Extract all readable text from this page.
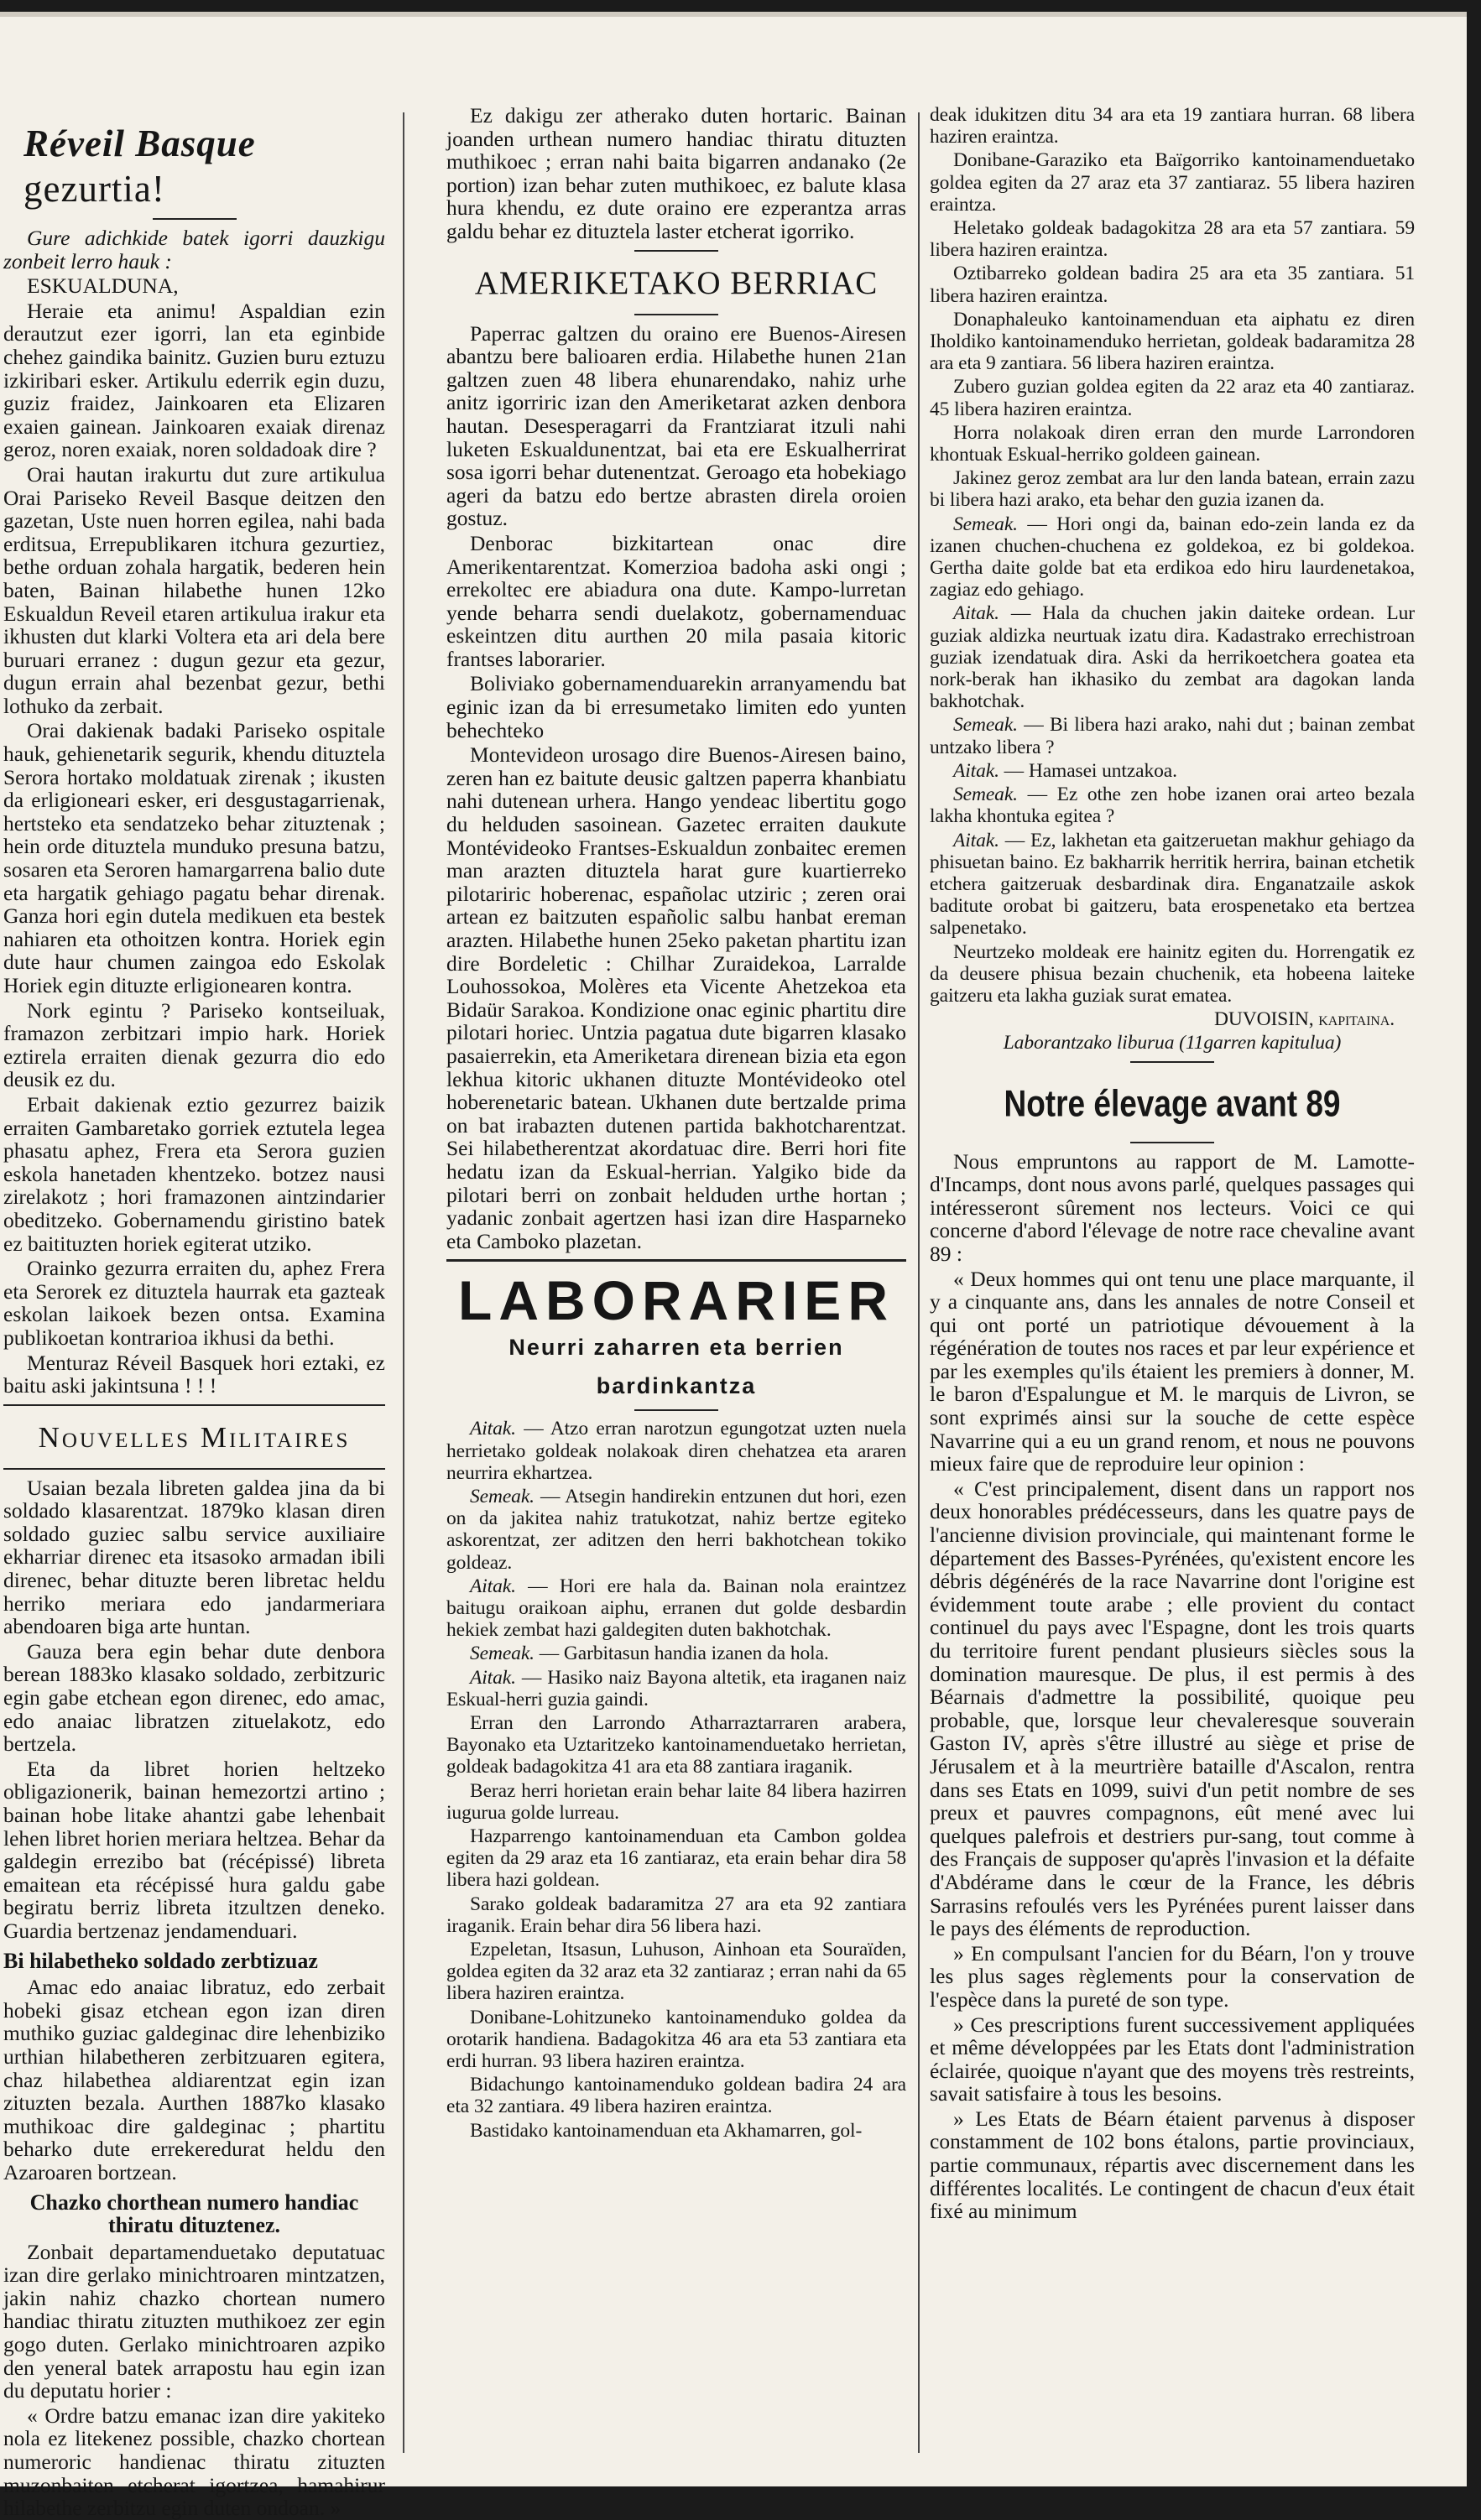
Réveil Basque gezurtia!

Gure adichkide batek igorri dauzkigu zonbeit lerro hauk :

ESKUALDUNA,

Heraie eta animu! Aspaldian ezin derautzut ezer igorri, lan eta eginbide chehez gaindika bainitz. Guzien buru eztuzu izkiribari esker. Artikulu ederrik egin duzu, guziz fraidez, Jainkoaren eta Elizaren exaien gainean. Jainkoaren exaiak direnaz geroz, noren exaiak, noren soldadoak dire ?

Orai hautan irakurtu dut zure artikulua Orai Pariseko Reveil Basque deitzen den gazetan, Uste nuen horren egilea, nahi bada erditsua, Errepublikaren itchura gezurtiez, bethe orduan zohala hargatik, bederen hein baten, Bainan hilabethe hunen 12ko Eskualdun Reveil etaren artikulua irakur eta ikhusten dut klarki Voltera eta ari dela bere buruari erranez : dugun gezur eta gezur, dugun errain ahal bezenbat gezur, bethi lothuko da zerbait.

Orai dakienak badaki Pariseko ospitale hauk, gehienetarik segurik, khendu dituztela Serora hortako moldatuak zirenak ; ikusten da erligioneari esker, eri desgustagarrienak, hertsteko eta sendatzeko behar zituztenak ; hein orde dituztela munduko presuna batzu, sosaren eta Seroren hamargarrena balio dute eta hargatik gehiago pagatu behar direnak. Ganza hori egin dutela medikuen eta bestek nahiaren eta othoitzen kontra. Horiek egin dute haur chumen zaingoa edo Eskolak Horiek egin dituzte erligionearen kontra.

Nork egintu ? Pariseko kontseiluak, framazon zerbitzari impio hark. Horiek eztirela erraiten dienak gezurra dio edo deusik ez du.

Erbait dakienak eztio gezurrez baizik erraiten Gambaretako gorriek eztutela legea phasatu aphez, Frera eta Serora guzien eskola hanetaden khentzeko. botzez nausi zirelakotz ; hori framazonen aintzindarier obeditzeko. Gobernamendu giristino batek ez baitituzten horiek egiterat utziko.

Orainko gezurra erraiten du, aphez Frera eta Serorek ez dituztela haurrak eta gazteak eskolan laikoek bezen ontsa. Examina publikoetan kontrarioa ikhusi da bethi.

Menturaz Réveil Basquek hori eztaki, ez baitu aski jakintsuna ! ! !

Nouvelles Militaires

Usaian bezala libreten galdea jina da bi soldado klasarentzat. 1879ko klasan diren soldado guziec salbu service auxiliaire ekharriar direnec eta itsasoko armadan ibili direnec, behar dituzte beren libretac heldu herriko meriara edo jandarmeriara abendoaren biga arte huntan.

Gauza bera egin behar dute denbora berean 1883ko klasako soldado, zerbitzuric egin gabe etchean egon direnec, edo amac, edo anaiac libratzen zituelakotz, edo bertzela.

Eta da libret horien heltzeko obligazionerik, bainan hemezortzi artino ; bainan hobe litake ahantzi gabe lehenbait lehen libret horien meriara heltzea. Behar da galdegin errezibo bat (récépissé) libreta emaitean eta récépissé hura galdu gabe begiratu berriz libreta itzultzen deneko. Guardia bertzenaz jendamenduari.

Bi hilabetheko soldado zerbtizuaz

Amac edo anaiac libratuz, edo zerbait hobeki gisaz etchean egon izan diren muthiko guziac galdeginac dire lehenbiziko urthian hilabetheren zerbitzuaren egitera, chaz hilabethea aldiarentzat egin izan zituzten bezala. Aurthen 1887ko klasako muthikoac dire galdeginac ; phartitu beharko dute errekeredurat heldu den Azaroaren bortzean.

Chazko chorthean numero handiac thiratu dituztenez.

Zonbait departamenduetako deputatuac izan dire gerlako minichtroaren mintzatzen, jakin nahiz chazko chortean numero handiac thiratu zituzten muthikoez zer egin gogo duten. Gerlako minichtroaren azpiko den yeneral batek arrapostu hau egin izan du deputatu horier :

« Ordre batzu emanac izan dire yakiteko nola ez litekenez possible, chazko chortean numeroric handienac thiratu zituzten muzonbaiten etcherat igortzea, hamahirur hilabethe zerbitzu egin duten ondoan. »

Ez dakigu zer atherako duten hortaric. Bainan joanden urthean numero handiac thiratu dituzten muthikoec ; erran nahi baita bigarren andanako (2e portion) izan behar zuten muthikoec, ez balute klasa hura khendu, ez dute oraino ere ezperantza arras galdu behar ez dituztela laster etcherat igorriko.

AMERIKETAKO BERRIAC

Paperrac galtzen du oraino ere Buenos-Airesen abantzu bere balioaren erdia. Hilabethe hunen 21an galtzen zuen 48 libera ehunarendako, nahiz urhe anitz igorriric izan den Ameriketarat azken denbora hautan. Desesperagarri da Frantziarat itzuli nahi luketen Eskualdunentzat, bai eta ere Eskualherrirat sosa igorri behar dutenentzat. Geroago eta hobekiago ageri da batzu edo bertze abrasten direla oroien gostuz.

Denborac bizkitartean onac dire Amerikentarentzat. Komerzioa badoha aski ongi ; errekoltec ere abiadura ona dute. Kampo-lurretan yende beharra sendi duelakotz, gobernamenduac eskeintzen ditu aurthen 20 mila pasaia kitoric frantses laborarier.

Boliviako gobernamenduarekin arranyamendu bat eginic izan da bi erresumetako limiten edo yunten behechteko

Montevideon urosago dire Buenos-Airesen baino, zeren han ez baitute deusic galtzen paperra khanbiatu nahi dutenean urhera. Hango yendeac libertitu gogo du helduden sasoinean. Gazetec erraiten daukute Montévideoko Frantses-Eskualdun zonbaitec eremen man arazten dituztela harat gure kuartierreko pilotariric hoberenac, españolac utziric ; zeren orai artean ez baitzuten españolic salbu hanbat ereman arazten. Hilabethe hunen 25eko paketan phartitu izan dire Bordeletic : Chilhar Zuraidekoa, Larralde Louhossokoa, Molères eta Vicente Ahetzekoa eta Bidaür Sarakoa. Kondizione onac eginic phartitu dire pilotari horiec. Untzia pagatua dute bigarren klasako pasaierrekin, eta Ameriketara direnean bizia eta egon lekhua kitoric ukhanen dituzte Montévideoko otel hoberenetaric batean. Ukhanen dute bertzalde prima on bat irabazten dutenen partida bakhotcharentzat. Sei hilabetherentzat akordatuac dire. Berri hori fite hedatu izan da Eskual-herrian. Yalgiko bide da pilotari berri on zonbait helduden urthe hortan ; yadanic zonbait agertzen hasi izan dire Hasparneko eta Camboko plazetan.

LABORARIER
Neurri zaharren eta berrien
bardinkantza

Aitak. — Atzo erran narotzun egungotzat uzten nuela herrietako goldeak nolakoak diren chehatzea eta araren neurrira ekhartzea.

Semeak. — Atsegin handirekin entzunen dut hori, ezen on da jakitea nahiz tratukotzat, nahiz bertze egiteko askorentzat, zer aditzen den herri bakhotchean tokiko goldeaz.

Aitak. — Hori ere hala da. Bainan nola eraintzez baitugu oraikoan aiphu, erranen dut golde desbardin hekiek zembat hazi galdegiten duten bakhotchak.

Semeak. — Garbitasun handia izanen da hola.

Aitak. — Hasiko naiz Bayona altetik, eta iraganen naiz Eskual-herri guzia gaindi.

Erran den Larrondo Atharraztarraren arabera, Bayonako eta Uztaritzeko kantoinamenduetako herrietan, goldeak badagokitza 41 ara eta 88 zantiara iraganik.

Beraz herri horietan erain behar laite 84 libera hazirren iugurua golde lurreau.

Hazparrengo kantoinamenduan eta Cambon goldea egiten da 29 araz eta 16 zantiaraz, eta erain behar dira 58 libera hazi goldean.

Sarako goldeak badaramitza 27 ara eta 92 zantiara iraganik. Erain behar dira 56 libera hazi.

Ezpeletan, Itsasun, Luhuson, Ainhoan eta Souraïden, goldea egiten da 32 araz eta 32 zantiaraz ; erran nahi da 65 libera haziren eraintza.

Donibane-Lohitzuneko kantoinamenduko goldea da orotarik handiena. Badagokitza 46 ara eta 53 zantiara eta erdi hurran. 93 libera haziren eraintza.

Bidachungo kantoinamenduko goldean badira 24 ara eta 32 zantiara. 49 libera haziren eraintza.

Bastidako kantoinamenduan eta Akhamarren, gol-

deak idukitzen ditu 34 ara eta 19 zantiara hurran. 68 libera haziren eraintza.

Donibane-Garaziko eta Baïgorriko kantoinamenduetako goldea egiten da 27 araz eta 37 zantiaraz. 55 libera haziren eraintza.

Heletako goldeak badagokitza 28 ara eta 57 zantiara. 59 libera haziren eraintza.

Oztibarreko goldean badira 25 ara eta 35 zantiara. 51 libera haziren eraintza.

Donaphaleuko kantoinamenduan eta aiphatu ez diren Iholdiko kantoinamenduko herrietan, goldeak badaramitza 28 ara eta 9 zantiara. 56 libera haziren eraintza.

Zubero guzian goldea egiten da 22 araz eta 40 zantiaraz. 45 libera haziren eraintza.

Horra nolakoak diren erran den murde Larrondoren khontuak Eskual-herriko goldeen gainean.

Jakinez geroz zembat ara lur den landa batean, errain zazu bi libera hazi arako, eta behar den guzia izanen da.

Semeak. — Hori ongi da, bainan edo-zein landa ez da izanen chuchen-chuchena ez goldekoa, ez bi goldekoa. Gertha daite golde bat eta erdikoa edo hiru laurdenetakoa, zagiaz edo gehiago.

Aitak. — Hala da chuchen jakin daiteke ordean. Lur guziak aldizka neurtuak izatu dira. Kadastrako errechistroan guziak izendatuak dira. Aski da herrikoetchera goatea eta nork-berak han ikhasiko du zembat ara dagokan landa bakhotchak.

Semeak. — Bi libera hazi arako, nahi dut ; bainan zembat untzako libera ?

Aitak. — Hamasei untzakoa.

Semeak. — Ez othe zen hobe izanen orai arteo bezala lakha khontuka egitea ?

Aitak. — Ez, lakhetan eta gaitzeruetan makhur gehiago da phisuetan baino. Ez bakharrik herritik herrira, bainan etchetik etchera gaitzeruak desbardinak dira. Enganatzaile askok baditute orobat bi gaitzeru, bata erospenetako eta bertzea salpenetako.

Neurtzeko moldeak ere hainitz egiten du. Horrengatik ez da deusere phisua bezain chuchenik, eta hobeena laiteke gaitzeru eta lakha guziak surat ematea.

DUVOISIN, kapitaina.

Laborantzako liburua (11garren kapitulua)

Notre élevage avant 89

Nous empruntons au rapport de M. Lamotte-d'Incamps, dont nous avons parlé, quelques passages qui intéresseront sûrement nos lecteurs. Voici ce qui concerne d'abord l'élevage de notre race chevaline avant 89 :

« Deux hommes qui ont tenu une place marquante, il y a cinquante ans, dans les annales de notre Conseil et qui ont porté un patriotique dévouement à la régénération de toutes nos races et par leur expérience et par les exemples qu'ils étaient les premiers à donner, M. le baron d'Espalungue et M. le marquis de Livron, se sont exprimés ainsi sur la souche de cette espèce Navarrine qui a eu un grand renom, et nous ne pouvons mieux faire que de reproduire leur opinion :

« C'est principalement, disent dans un rapport nos deux honorables prédécesseurs, dans les quatre pays de l'ancienne division provinciale, qui maintenant forme le département des Basses-Pyrénées, qu'existent encore les débris dégénérés de la race Navarrine dont l'origine est évidemment toute arabe ; elle provient du contact continuel du pays avec l'Espagne, dont les trois quarts du territoire furent pendant plusieurs siècles sous la domination mauresque. De plus, il est permis à des Béarnais d'admettre la possibilité, quoique peu probable, que, lorsque leur chevaleresque souverain Gaston IV, après s'être illustré au siège et prise de Jérusalem et à la meurtrière bataille d'Ascalon, rentra dans ses Etats en 1099, suivi d'un petit nombre de ses preux et pauvres compagnons, eût mené avec lui quelques palefrois et destriers pur-sang, tout comme à des Français de supposer qu'après l'invasion et la défaite d'Abdérame dans le cœur de la France, les débris Sarrasins refoulés vers les Pyrénées purent laisser dans le pays des éléments de reproduction.

» En compulsant l'ancien for du Béarn, l'on y trouve les plus sages règlements pour la conservation de l'espèce dans la pureté de son type.

» Ces prescriptions furent successivement appliquées et même développées par les Etats dont l'administration éclairée, quoique n'ayant que des moyens très restreints, savait satisfaire à tous les besoins.

» Les Etats de Béarn étaient parvenus à disposer constamment de 102 bons étalons, partie provinciaux, partie communaux, répartis avec discernement dans les différentes localités. Le contingent de chacun d'eux était fixé au minimum
